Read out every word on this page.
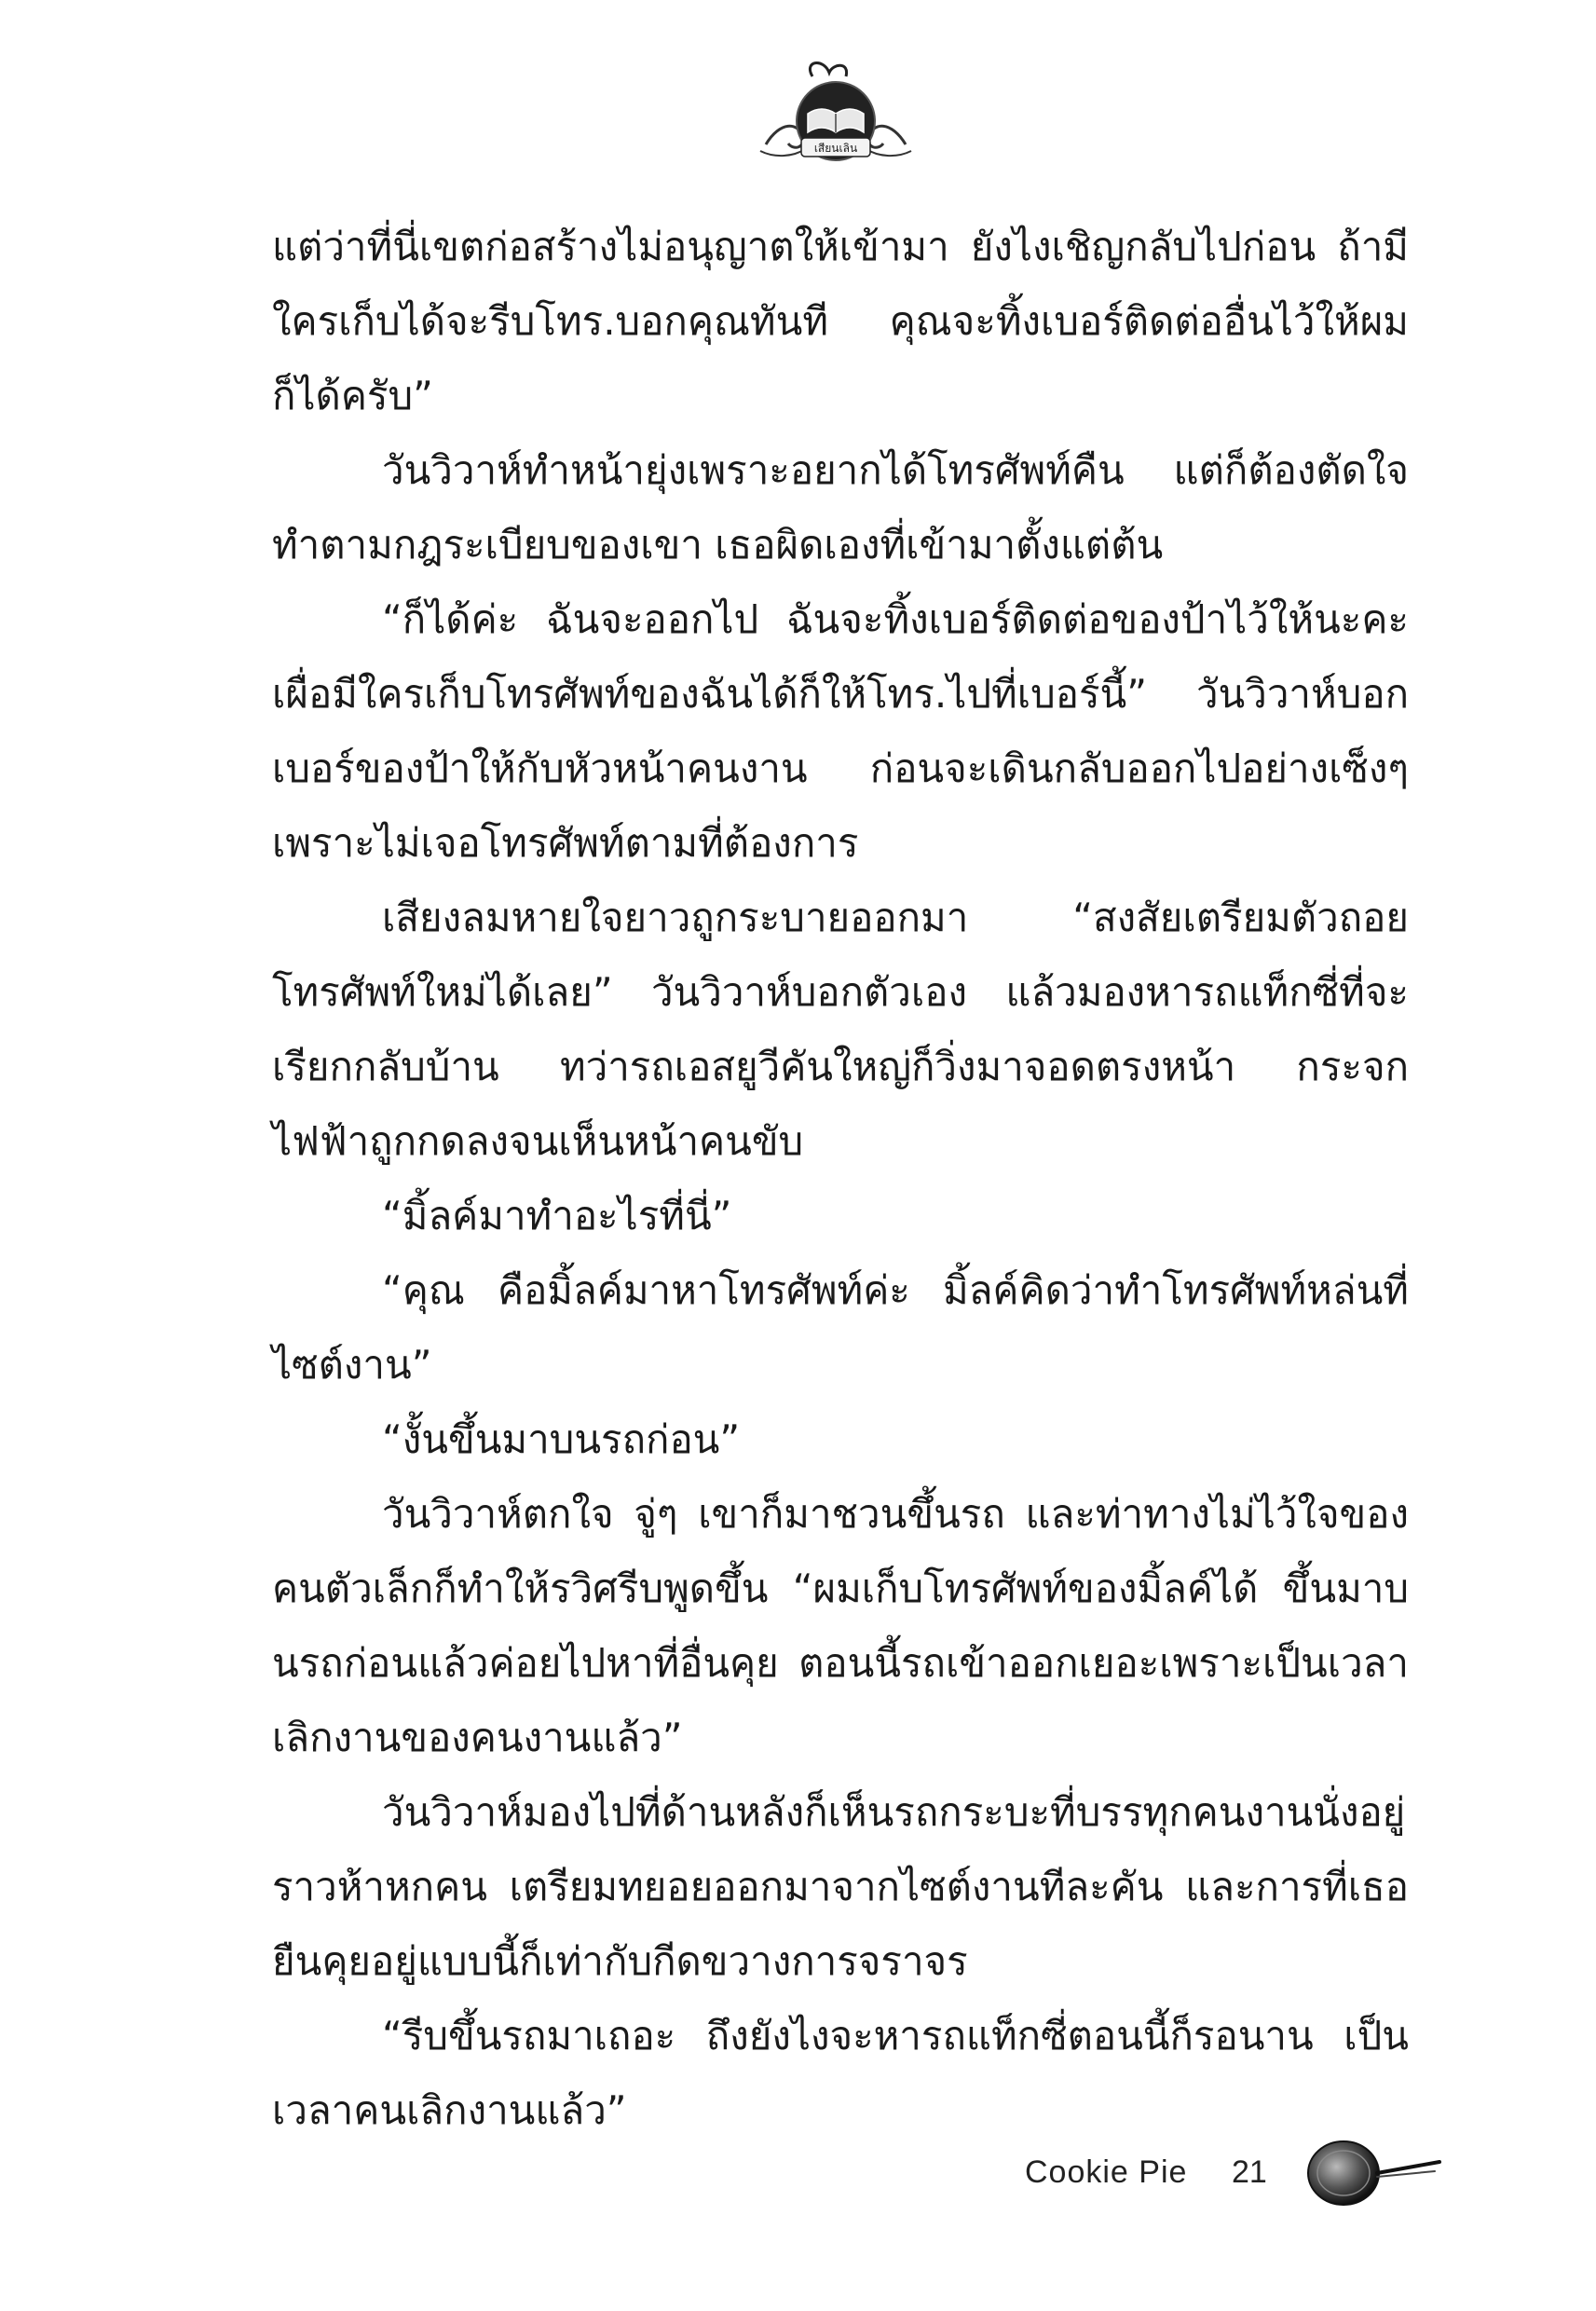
เสียนเลิน

แต่ว่าที่นี่เขตก่อสร้างไม่อนุญาตให้เข้ามา ยังไงเชิญกลับไปก่อน ถ้ามีใครเก็บได้จะรีบโทร.บอกคุณทันที คุณจะทิ้งเบอร์ติดต่ออื่นไว้ให้ผมก็ได้ครับ”

วันวิวาห์ทำหน้ายุ่งเพราะอยากได้โทรศัพท์คืน แต่ก็ต้องตัดใจทำตามกฎระเบียบของเขา เธอผิดเองที่เข้ามาตั้งแต่ต้น

“ก็ได้ค่ะ ฉันจะออกไป ฉันจะทิ้งเบอร์ติดต่อของป้าไว้ให้นะคะ เผื่อมีใครเก็บโทรศัพท์ของฉันได้ก็ให้โทร.ไปที่เบอร์นี้” วันวิวาห์บอกเบอร์ของป้าให้กับหัวหน้าคนงาน ก่อนจะเดินกลับออกไปอย่างเซ็งๆ เพราะไม่เจอโทรศัพท์ตามที่ต้องการ

เสียงลมหายใจยาวถูกระบายออกมา “สงสัยเตรียมตัวถอยโทรศัพท์ใหม่ได้เลย” วันวิวาห์บอกตัวเอง แล้วมองหารถแท็กซี่ที่จะเรียกกลับบ้าน ทว่ารถเอสยูวีคันใหญ่ก็วิ่งมาจอดตรงหน้า กระจกไฟฟ้าถูกกดลงจนเห็นหน้าคนขับ

“มิ้ลค์มาทำอะไรที่นี่”

“คุณ คือมิ้ลค์มาหาโทรศัพท์ค่ะ มิ้ลค์คิดว่าทำโทรศัพท์หล่นที่ไซต์งาน”

“งั้นขึ้นมาบนรถก่อน”

วันวิวาห์ตกใจ จู่ๆ เขาก็มาชวนขึ้นรถ และท่าทางไม่ไว้ใจของคนตัวเล็กก็ทำให้รวิศรีบพูดขึ้น “ผมเก็บโทรศัพท์ของมิ้ลค์ได้ ขึ้นมาบนรถก่อนแล้วค่อยไปหาที่อื่นคุย ตอนนี้รถเข้าออกเยอะเพราะเป็นเวลาเลิกงานของคนงานแล้ว”

วันวิวาห์มองไปที่ด้านหลังก็เห็นรถกระบะที่บรรทุกคนงานนั่งอยู่ราวห้าหกคน เตรียมทยอยออกมาจากไซต์งานทีละคัน และการที่เธอยืนคุยอยู่แบบนี้ก็เท่ากับกีดขวางการจราจร

“รีบขึ้นรถมาเถอะ ถึงยังไงจะหารถแท็กซี่ตอนนี้ก็รอนาน เป็นเวลาคนเลิกงานแล้ว”

Cookie Pie 21
